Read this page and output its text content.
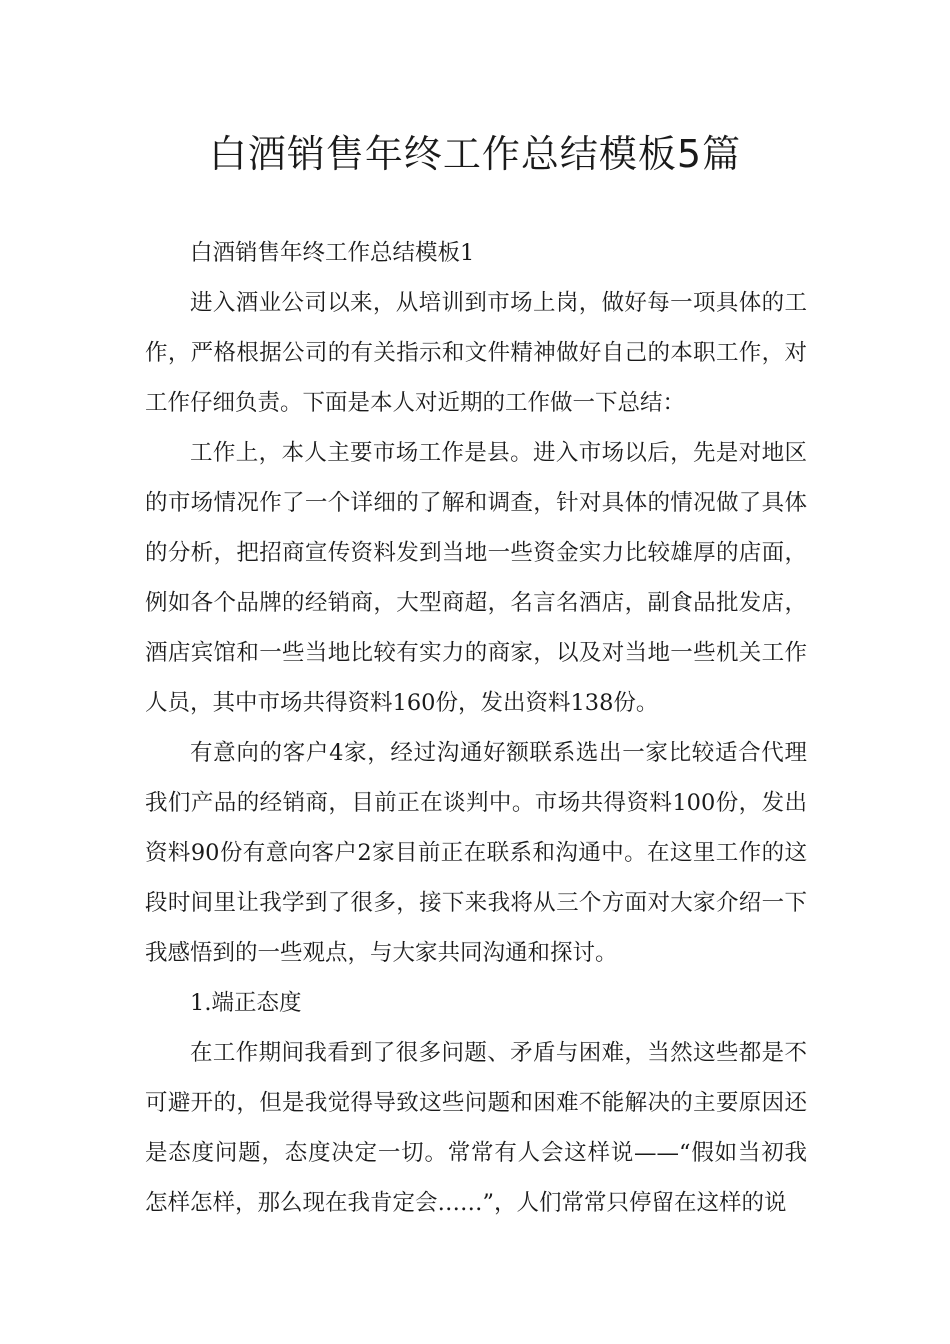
白酒销售年终工作总结模板5篇

白酒销售年终工作总结模板1

进入酒业公司以来，从培训到市场上岗，做好每一项具体的工作，严格根据公司的有关指示和文件精神做好自己的本职工作，对工作仔细负责。下面是本人对近期的工作做一下总结：

工作上，本人主要市场工作是县。进入市场以后，先是对地区的市场情况作了一个详细的了解和调查，针对具体的情况做了具体的分析，把招商宣传资料发到当地一些资金实力比较雄厚的店面，例如各个品牌的经销商，大型商超，名言名酒店，副食品批发店，酒店宾馆和一些当地比较有实力的商家，以及对当地一些机关工作人员，其中市场共得资料160份，发出资料138份。

有意向的客户4家，经过沟通好额联系选出一家比较适合代理我们产品的经销商，目前正在谈判中。市场共得资料100份，发出资料90份有意向客户2家目前正在联系和沟通中。在这里工作的这段时间里让我学到了很多，接下来我将从三个方面对大家介绍一下我感悟到的一些观点，与大家共同沟通和探讨。

1.端正态度

在工作期间我看到了很多问题、矛盾与困难，当然这些都是不可避开的，但是我觉得导致这些问题和困难不能解决的主要原因还是态度问题，态度决定一切。常常有人会这样说——“假如当初我怎样怎样，那么现在我肯定会……”，人们常常只停留在这样的说
